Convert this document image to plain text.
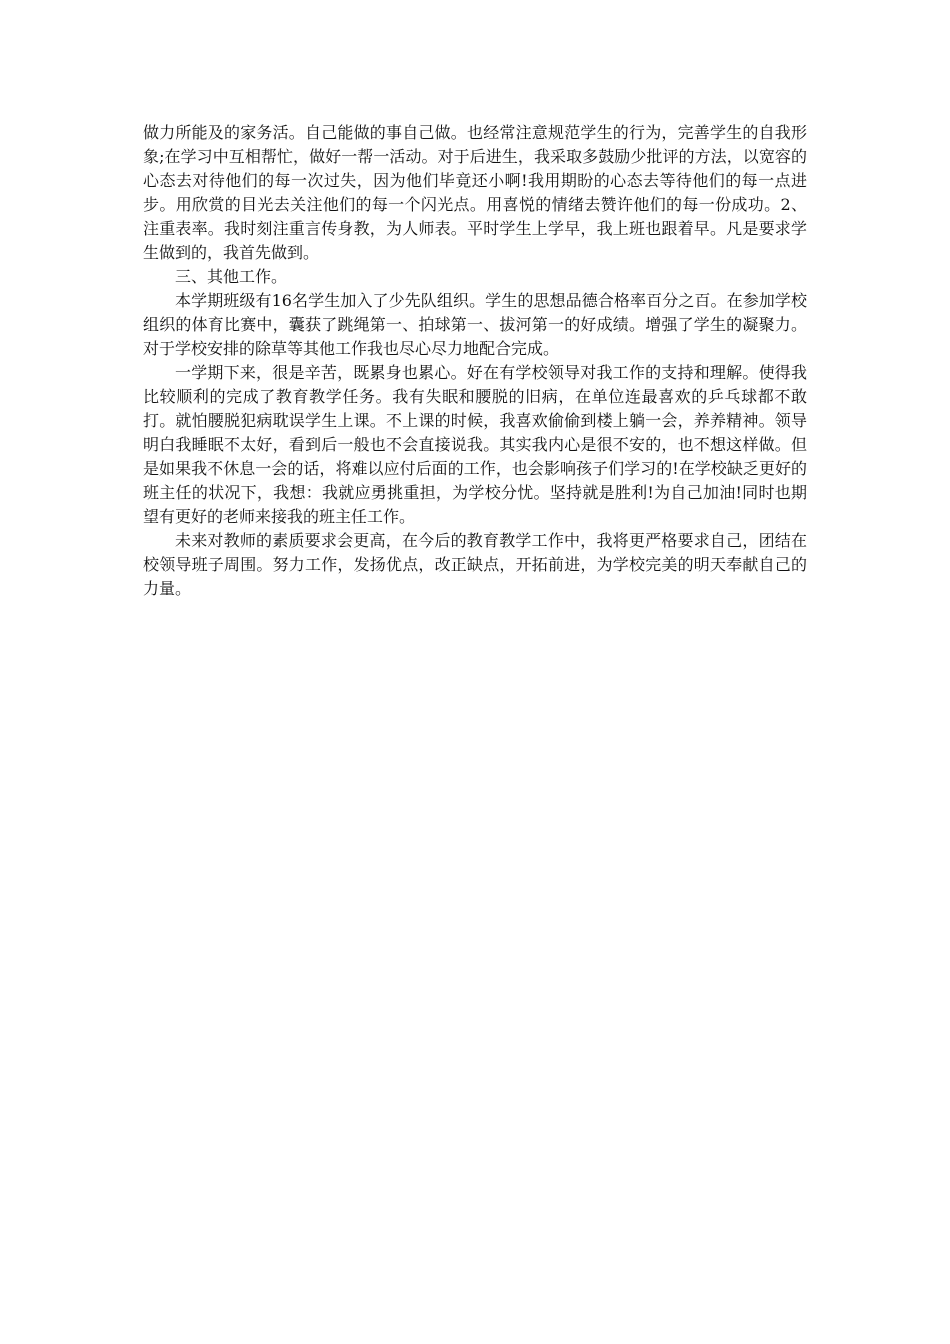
做力所能及的家务活。自己能做的事自己做。也经常注意规范学生的行为，完善学生的自我形象;在学习中互相帮忙，做好一帮一活动。对于后进生，我采取多鼓励少批评的方法，以宽容的心态去对待他们的每一次过失，因为他们毕竟还小啊!我用期盼的心态去等待他们的每一点进步。用欣赏的目光去关注他们的每一个闪光点。用喜悦的情绪去赞许他们的每一份成功。2、注重表率。我时刻注重言传身教，为人师表。平时学生上学早，我上班也跟着早。凡是要求学生做到的，我首先做到。

三、其他工作。

本学期班级有16名学生加入了少先队组织。学生的思想品德合格率百分之百。在参加学校组织的体育比赛中，囊获了跳绳第一、拍球第一、拔河第一的好成绩。增强了学生的凝聚力。对于学校安排的除草等其他工作我也尽心尽力地配合完成。

一学期下来，很是辛苦，既累身也累心。好在有学校领导对我工作的支持和理解。使得我比较顺利的完成了教育教学任务。我有失眠和腰脱的旧病，在单位连最喜欢的乒乓球都不敢打。就怕腰脱犯病耽误学生上课。不上课的时候，我喜欢偷偷到楼上躺一会，养养精神。领导明白我睡眠不太好，看到后一般也不会直接说我。其实我内心是很不安的，也不想这样做。但是如果我不休息一会的话，将难以应付后面的工作，也会影响孩子们学习的!在学校缺乏更好的班主任的状况下，我想：我就应勇挑重担，为学校分忧。坚持就是胜利!为自己加油!同时也期望有更好的老师来接我的班主任工作。

未来对教师的素质要求会更高，在今后的教育教学工作中，我将更严格要求自己，团结在校领导班子周围。努力工作，发扬优点，改正缺点，开拓前进，为学校完美的明天奉献自己的力量。
